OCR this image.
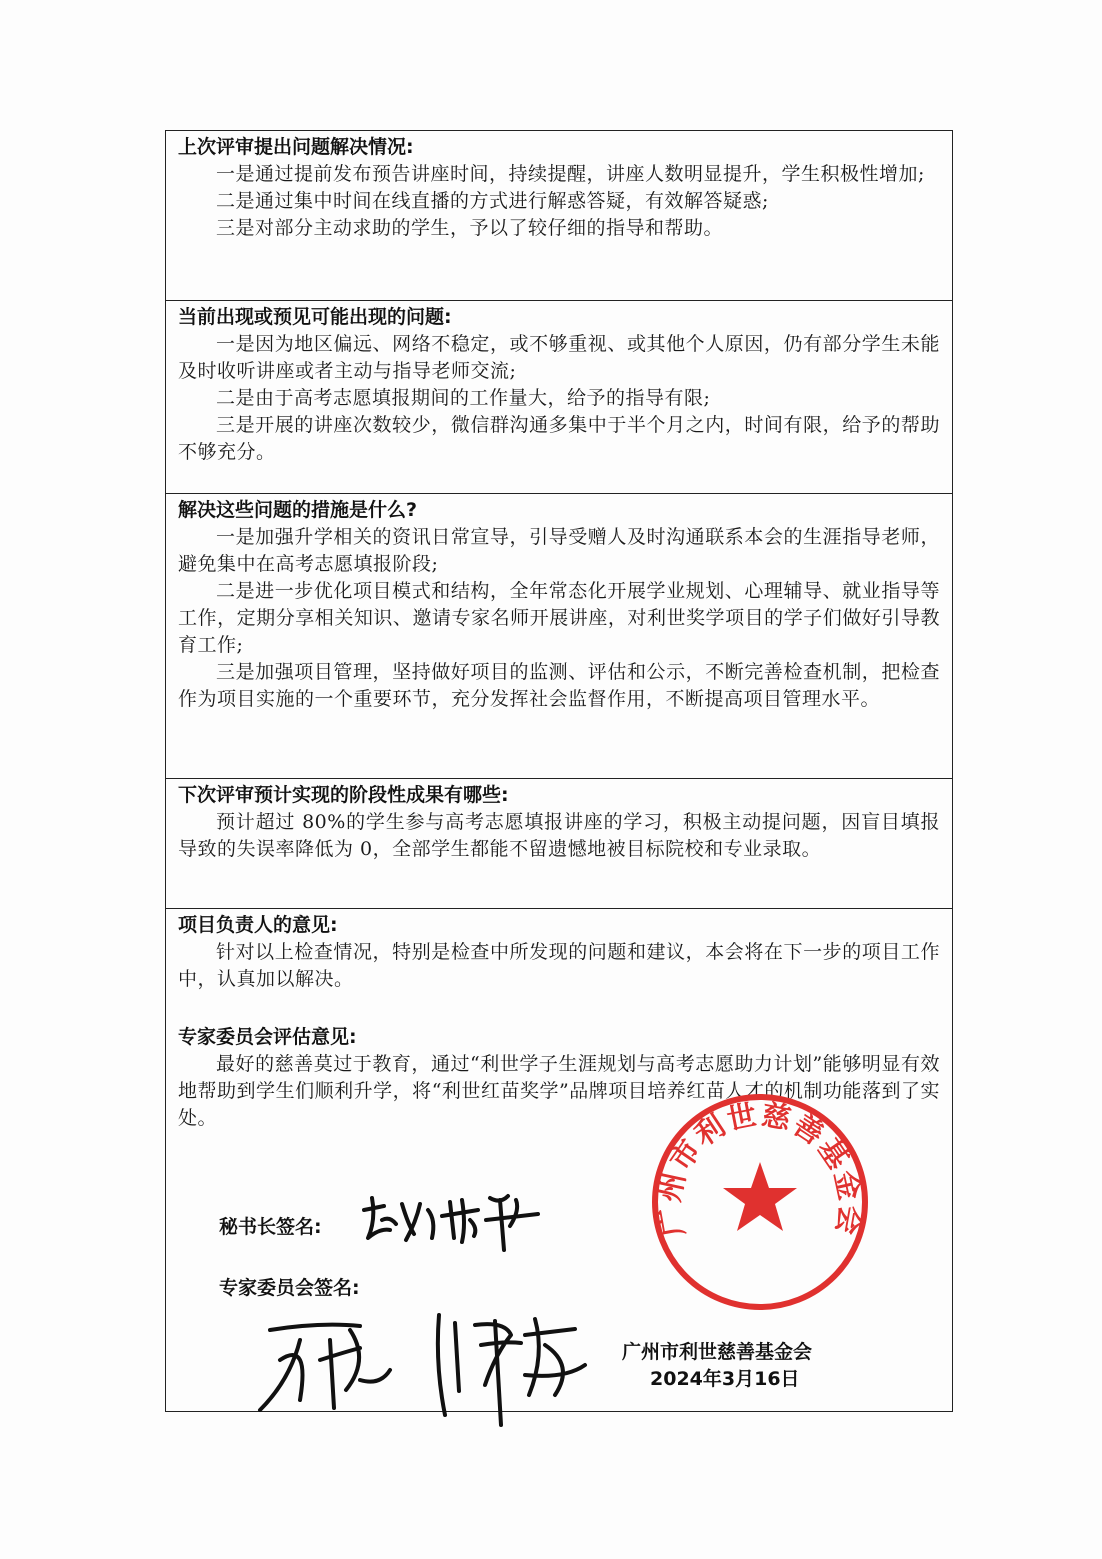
上次评审提出问题解决情况:

一是通过提前发布预告讲座时间，持续提醒，讲座人数明显提升，学生积极性增加;

二是通过集中时间在线直播的方式进行解惑答疑，有效解答疑惑;

三是对部分主动求助的学生，予以了较仔细的指导和帮助。

当前出现或预见可能出现的问题:

一是因为地区偏远、网络不稳定，或不够重视、或其他个人原因，仍有部分学生未能及时收听讲座或者主动与指导老师交流;

二是由于高考志愿填报期间的工作量大，给予的指导有限;

三是开展的讲座次数较少，微信群沟通多集中于半个月之内，时间有限，给予的帮助不够充分。

解决这些问题的措施是什么?

一是加强升学相关的资讯日常宣导，引导受赠人及时沟通联系本会的生涯指导老师，避免集中在高考志愿填报阶段;

二是进一步优化项目模式和结构，全年常态化开展学业规划、心理辅导、就业指导等工作，定期分享相关知识、邀请专家名师开展讲座，对利世奖学项目的学子们做好引导教育工作;

三是加强项目管理，坚持做好项目的监测、评估和公示，不断完善检查机制，把检查作为项目实施的一个重要环节，充分发挥社会监督作用，不断提高项目管理水平。

下次评审预计实现的阶段性成果有哪些:

预计超过 80%的学生参与高考志愿填报讲座的学习，积极主动提问题，因盲目填报导致的失误率降低为 0，全部学生都能不留遗憾地被目标院校和专业录取。

项目负责人的意见:

针对以上检查情况，特别是检查中所发现的问题和建议，本会将在下一步的项目工作中，认真加以解决。

专家委员会评估意见:

最好的慈善莫过于教育，通过“利世学子生涯规划与高考志愿助力计划”能够明显有效地帮助到学生们顺利升学，将“利世红苗奖学”品牌项目培养红苗人才的机制功能落到了实处。

秘书长签名:
专家委员会签名:
广州市利世慈善基金会
广州市利世慈善基金会
2024年3月16日
